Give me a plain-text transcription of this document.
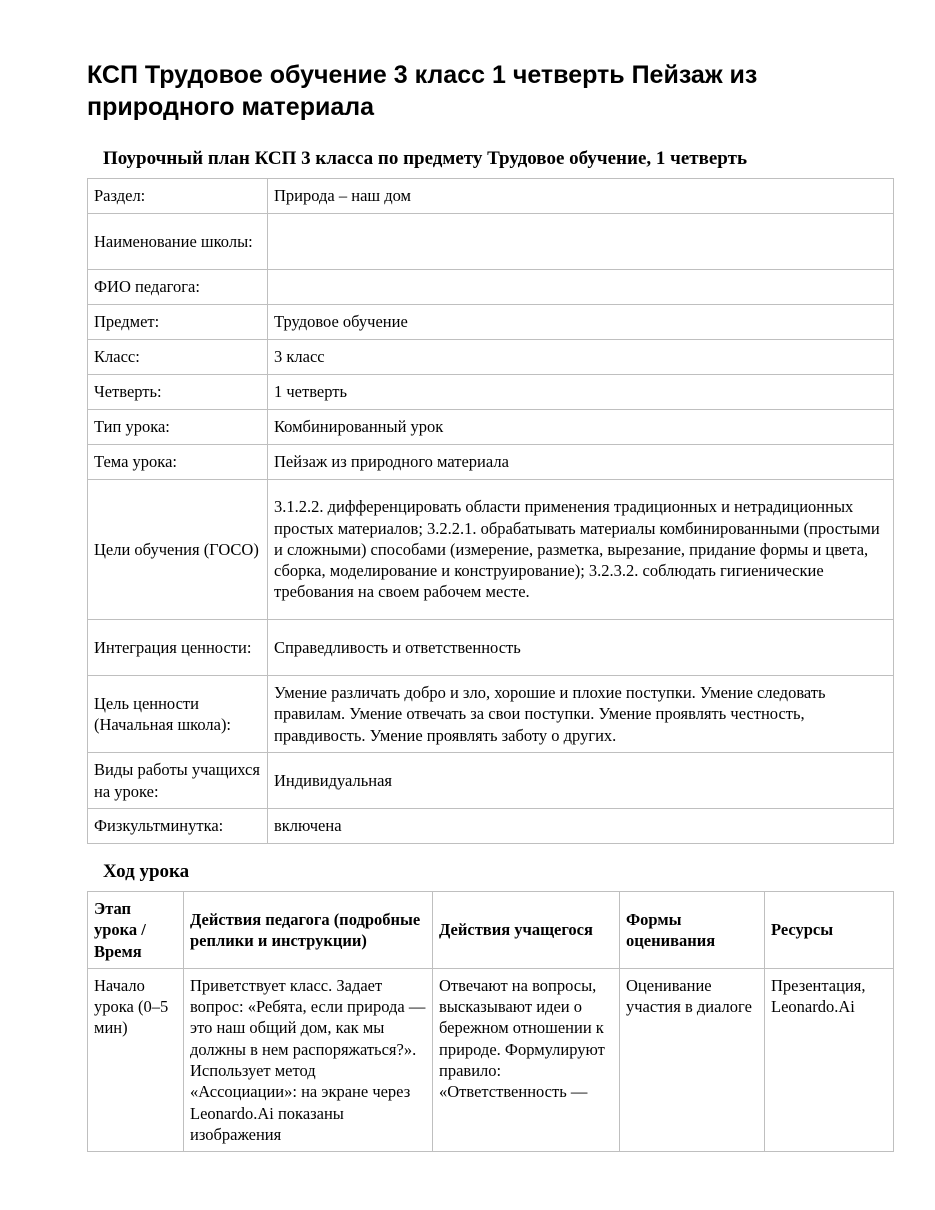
КСП Трудовое обучение 3 класс 1 четверть Пейзаж из природного материала
Поурочный план КСП 3 класса по предмету Трудовое обучение, 1 четверть
Раздел:	Природа – наш дом
Наименование школы:	
ФИО педагога:	
Предмет:	Трудовое обучение
Класс:	3 класс
Четверть:	1 четверть
Тип урока:	Комбинированный урок
Тема урока:	Пейзаж из природного материала
Цели обучения (ГОСО)	3.1.2.2. дифференцировать области применения традиционных и нетрадиционных простых материалов; 3.2.2.1. обрабатывать материалы комбинированными (простыми и сложными) способами (измерение, разметка, вырезание, придание формы и цвета, сборка, моделирование и конструирование); 3.2.3.2. соблюдать гигиенические требования на своем рабочем месте.
Интеграция ценности:	Справедливость и ответственность
Цель ценности (Начальная школа):	Умение различать добро и зло, хорошие и плохие поступки. Умение следовать правилам. Умение отвечать за свои поступки. Умение проявлять честность, правдивость. Умение проявлять заботу о других.
Виды работы учащихся на уроке:	Индивидуальная
Физкультминутка:	включена
Ход урока
Этап урока / Время	Действия педагога (подробные реплики и инструкции)	Действия учащегося	Формы оценивания	Ресурсы
Начало урока (0–5 мин)	Приветствует класс. Задает вопрос: «Ребята, если природа — это наш общий дом, как мы должны в нем распоряжаться?». Использует метод «Ассоциации»: на экране через Leonardo.Ai показаны изображения	Отвечают на вопросы, высказывают идеи о бережном отношении к природе. Формулируют правило: «Ответственность —	Оценивание участия в диалоге	Презентация, Leonardo.Ai
